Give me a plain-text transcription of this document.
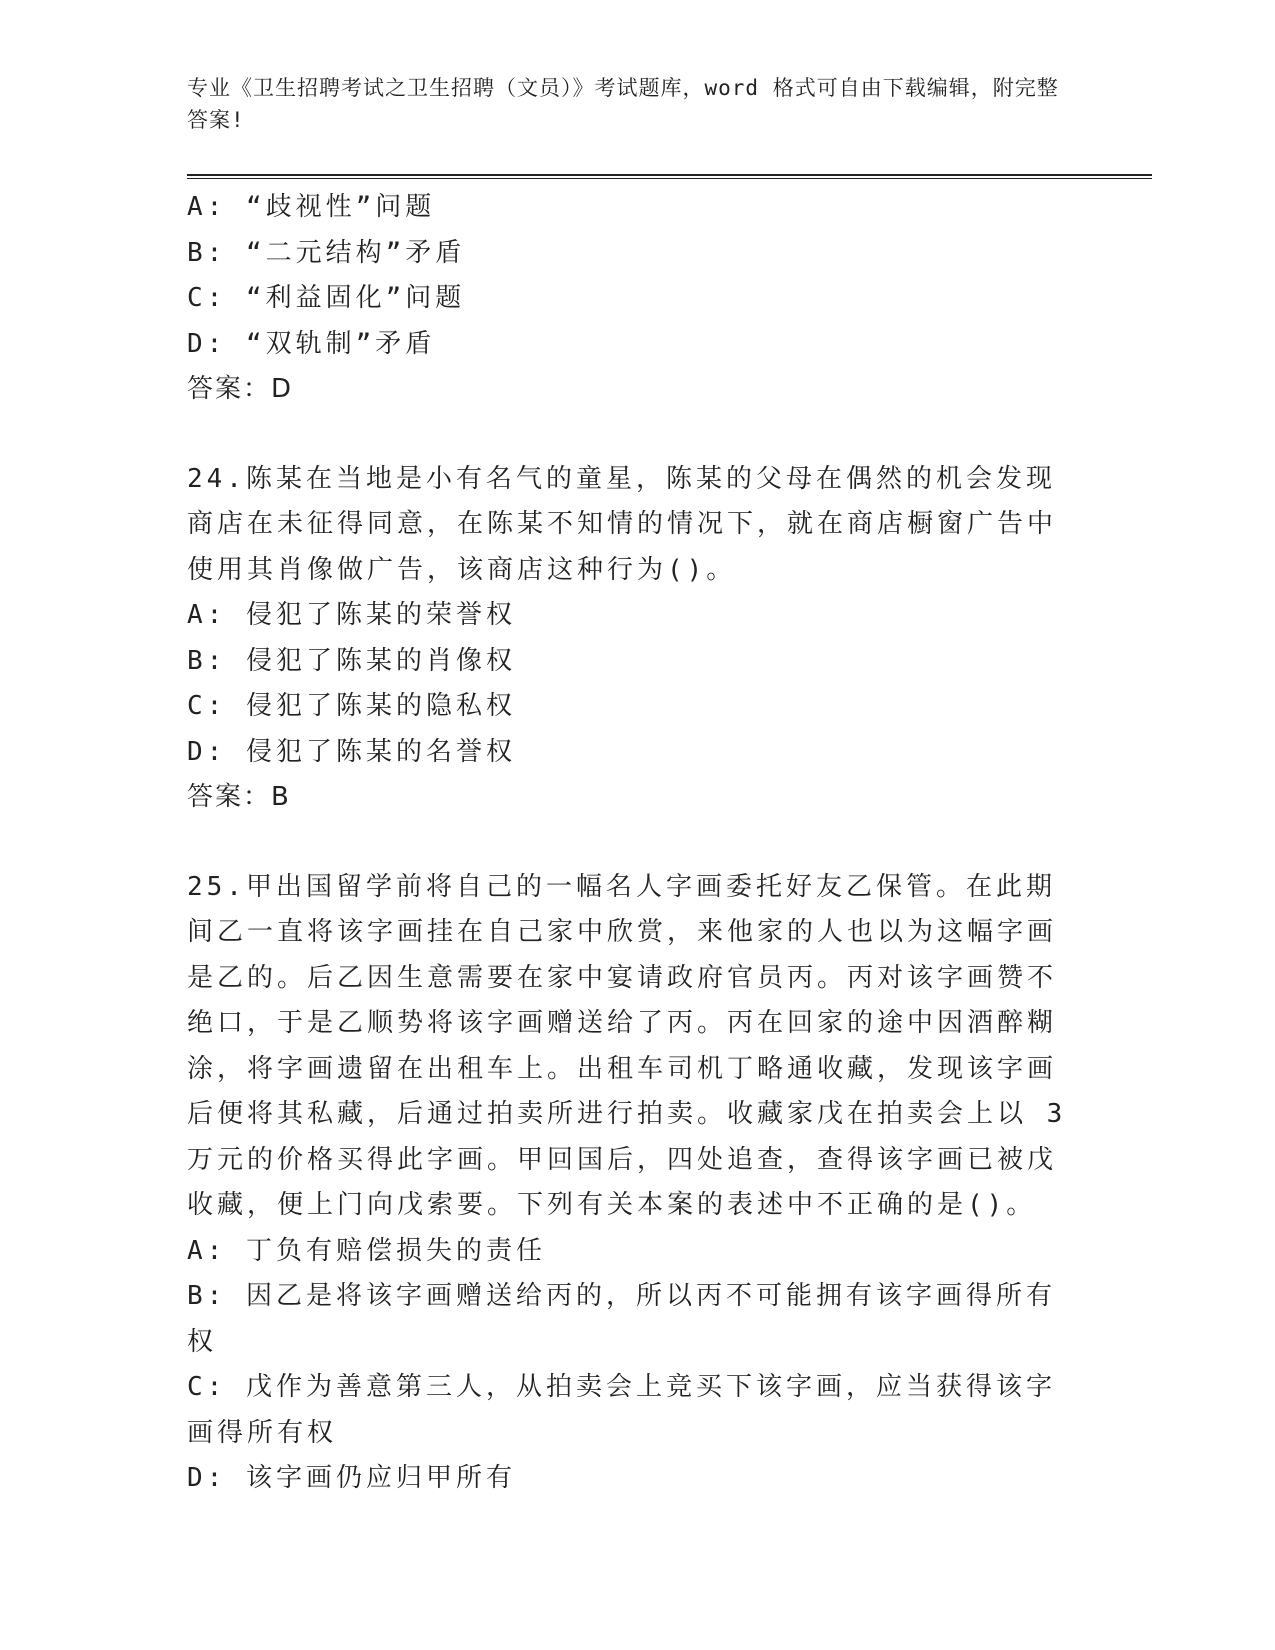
专业《卫生招聘考试之卫生招聘（文员）》考试题库，word 格式可自由下载编辑，附完整答案!

A: “歧视性”问题

B: “二元结构”矛盾

C: “利益固化”问题

D: “双轨制”矛盾

答案：D

24.陈某在当地是小有名气的童星，陈某的父母在偶然的机会发现商店在未征得同意，在陈某不知情的情况下，就在商店橱窗广告中使用其肖像做广告，该商店这种行为()。

A: 侵犯了陈某的荣誉权

B: 侵犯了陈某的肖像权

C: 侵犯了陈某的隐私权

D: 侵犯了陈某的名誉权

答案：B

25.甲出国留学前将自己的一幅名人字画委托好友乙保管。在此期间乙一直将该字画挂在自己家中欣赏，来他家的人也以为这幅字画是乙的。后乙因生意需要在家中宴请政府官员丙。丙对该字画赞不绝口，于是乙顺势将该字画赠送给了丙。丙在回家的途中因酒醉糊涂，将字画遗留在出租车上。出租车司机丁略通收藏，发现该字画后便将其私藏，后通过拍卖所进行拍卖。收藏家戊在拍卖会上以 3 万元的价格买得此字画。甲回国后，四处追查，查得该字画已被戊收藏，便上门向戊索要。下列有关本案的表述中不正确的是()。

A: 丁负有赔偿损失的责任

B: 因乙是将该字画赠送给丙的，所以丙不可能拥有该字画得所有权

C: 戊作为善意第三人，从拍卖会上竞买下该字画，应当获得该字画得所有权

D: 该字画仍应归甲所有
